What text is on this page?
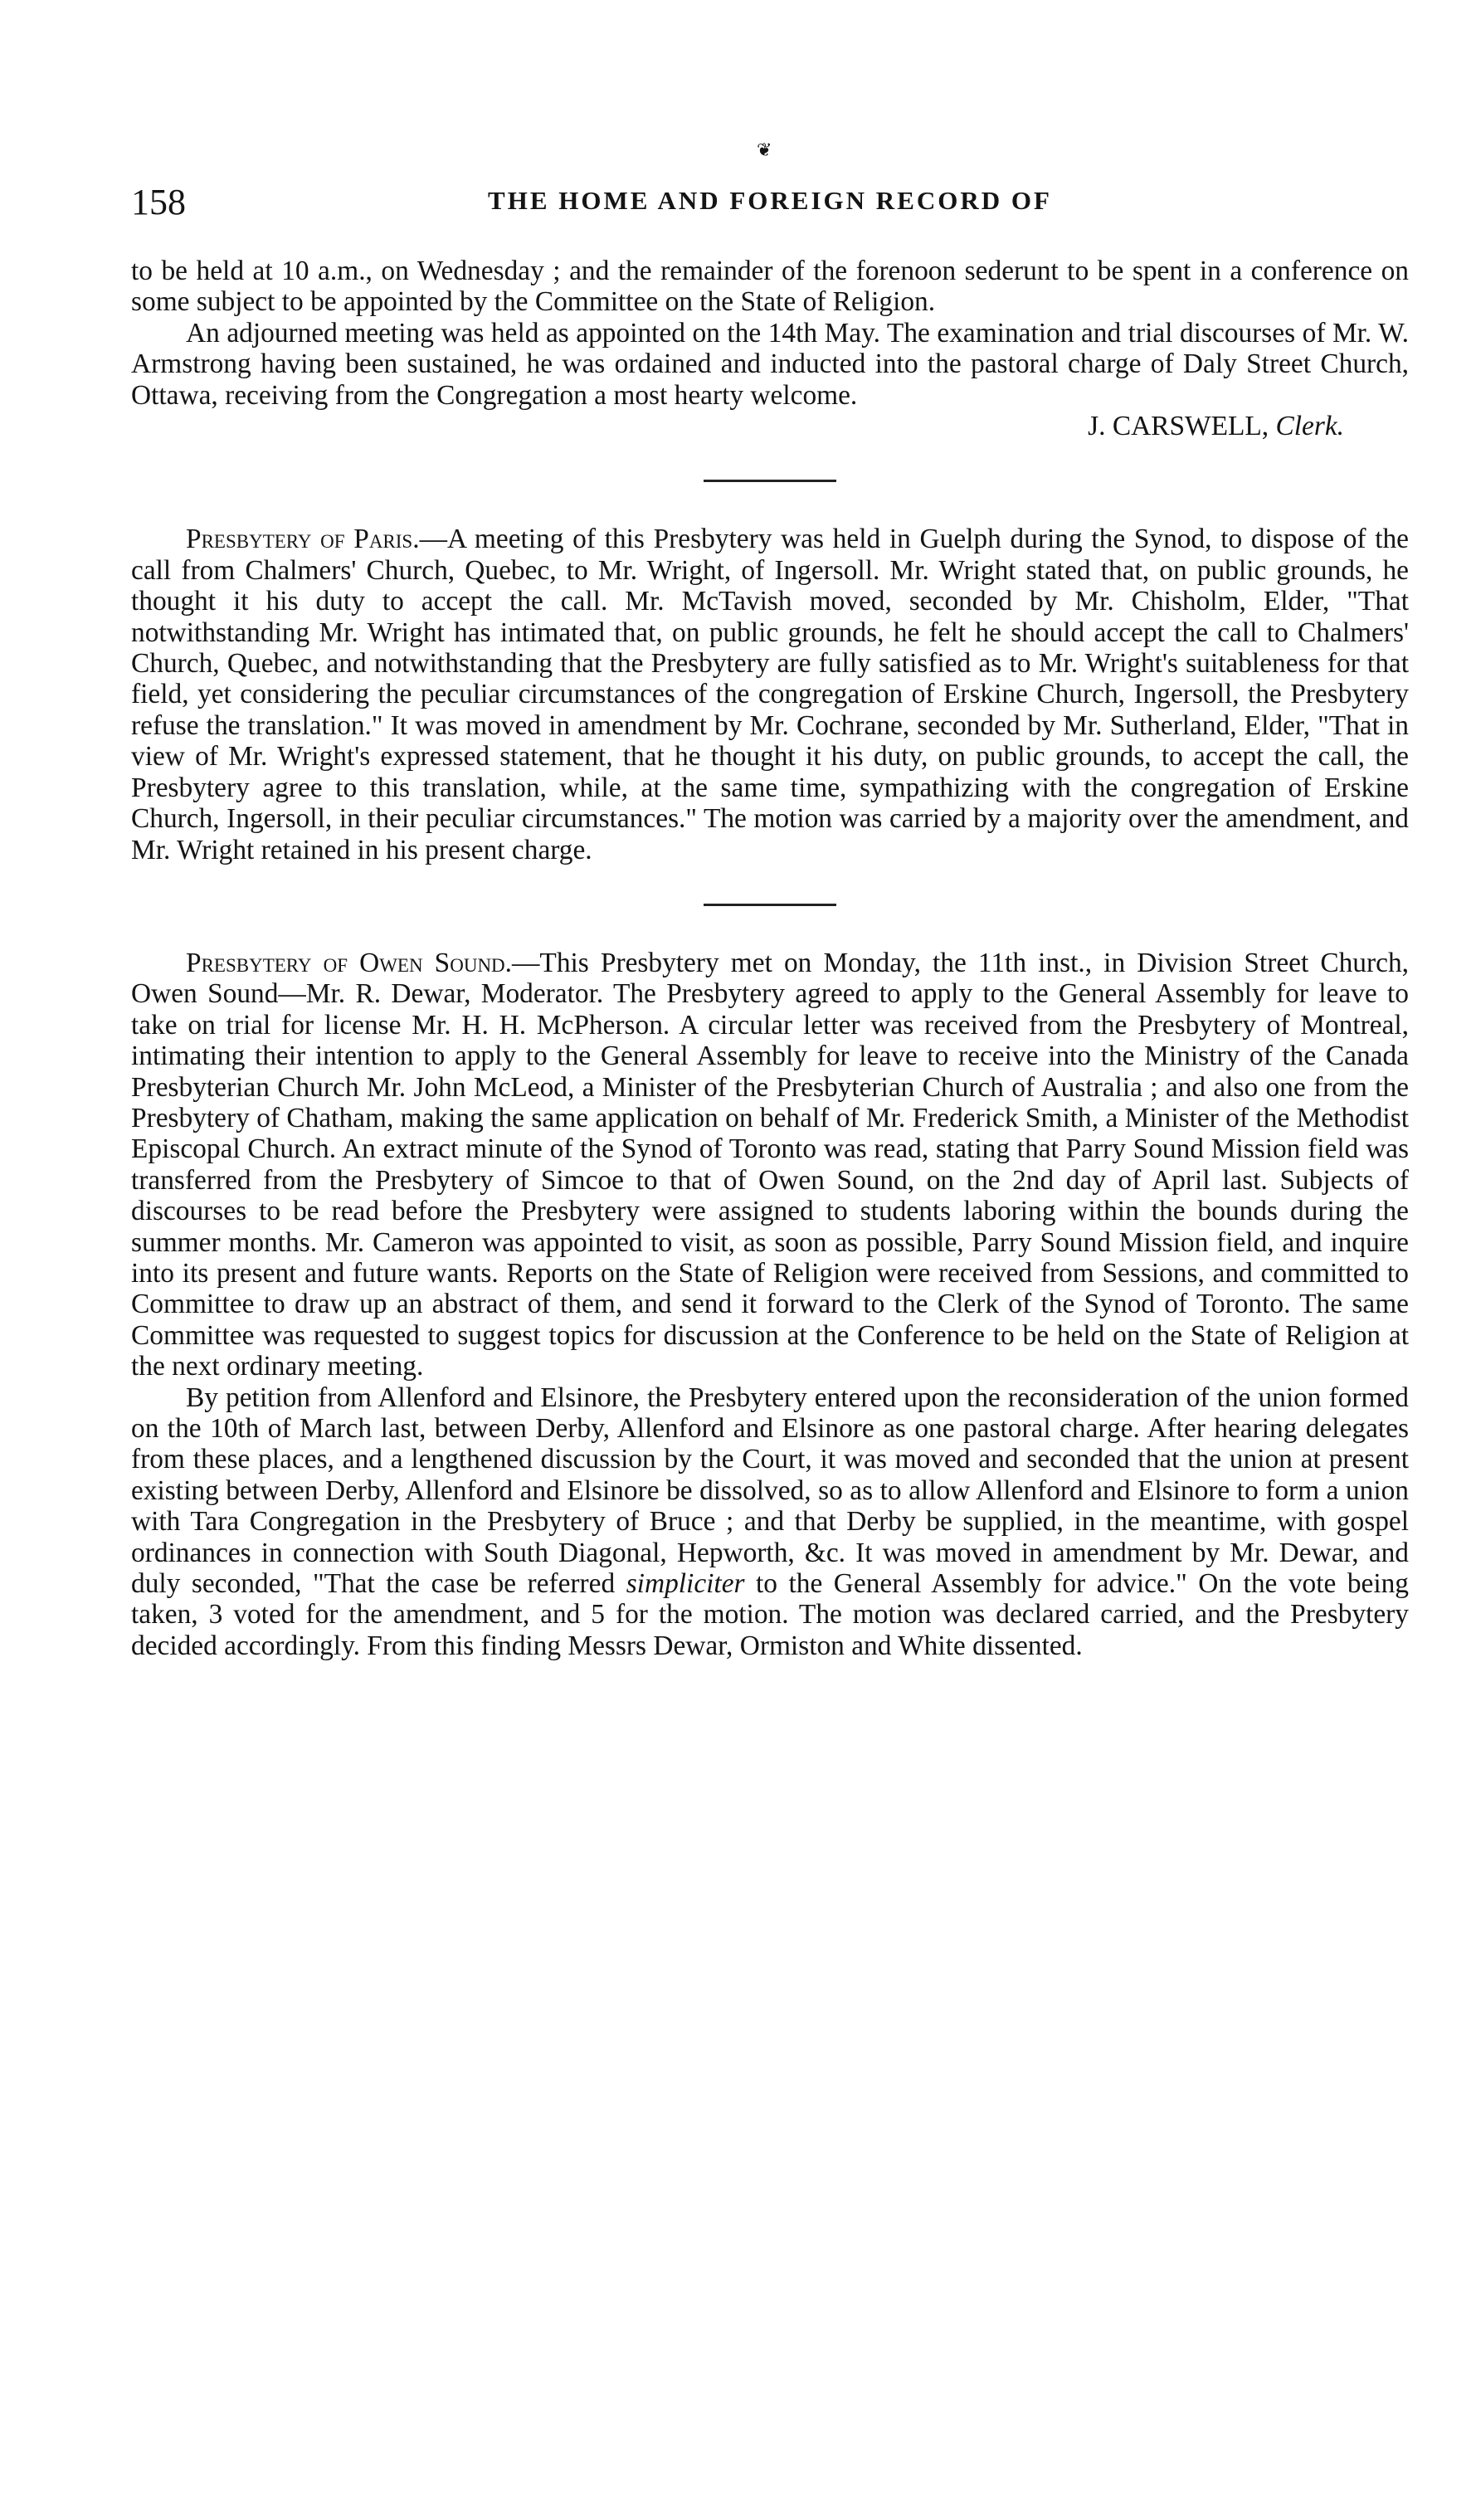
❦
158	THE HOME AND FOREIGN RECORD OF

to be held at 10 a.m., on Wednesday ; and the remainder of the forenoon sederunt to be spent in a conference on some subject to be appointed by the Committee on the State of Religion.

An adjourned meeting was held as appointed on the 14th May. The examination and trial discourses of Mr. W. Armstrong having been sustained, he was ordained and inducted into the pastoral charge of Daly Street Church, Ottawa, receiving from the Congregation a most hearty welcome.

J. CARSWELL, Clerk.

Presbytery of Paris.—A meeting of this Presbytery was held in Guelph during the Synod, to dispose of the call from Chalmers' Church, Quebec, to Mr. Wright, of Ingersoll. Mr. Wright stated that, on public grounds, he thought it his duty to accept the call. Mr. McTavish moved, seconded by Mr. Chisholm, Elder, "That notwithstanding Mr. Wright has intimated that, on public grounds, he felt he should accept the call to Chalmers' Church, Quebec, and notwithstanding that the Presbytery are fully satisfied as to Mr. Wright's suitableness for that field, yet considering the peculiar circumstances of the congregation of Erskine Church, Ingersoll, the Presbytery refuse the translation." It was moved in amendment by Mr. Cochrane, seconded by Mr. Sutherland, Elder, "That in view of Mr. Wright's expressed statement, that he thought it his duty, on public grounds, to accept the call, the Presbytery agree to this translation, while, at the same time, sympathizing with the congregation of Erskine Church, Ingersoll, in their peculiar circumstances." The motion was carried by a majority over the amendment, and Mr. Wright retained in his present charge.

Presbytery of Owen Sound.—This Presbytery met on Monday, the 11th inst., in Division Street Church, Owen Sound—Mr. R. Dewar, Moderator. The Presbytery agreed to apply to the General Assembly for leave to take on trial for license Mr. H. H. McPherson. A circular letter was received from the Presbytery of Montreal, intimating their intention to apply to the General Assembly for leave to receive into the Ministry of the Canada Presbyterian Church Mr. John McLeod, a Minister of the Presbyterian Church of Australia ; and also one from the Presbytery of Chatham, making the same application on behalf of Mr. Frederick Smith, a Minister of the Methodist Episcopal Church. An extract minute of the Synod of Toronto was read, stating that Parry Sound Mission field was transferred from the Presbytery of Simcoe to that of Owen Sound, on the 2nd day of April last. Subjects of discourses to be read before the Presbytery were assigned to students laboring within the bounds during the summer months. Mr. Cameron was appointed to visit, as soon as possible, Parry Sound Mission field, and inquire into its present and future wants. Reports on the State of Religion were received from Sessions, and committed to Committee to draw up an abstract of them, and send it forward to the Clerk of the Synod of Toronto. The same Committee was requested to suggest topics for discussion at the Conference to be held on the State of Religion at the next ordinary meeting.

By petition from Allenford and Elsinore, the Presbytery entered upon the reconsideration of the union formed on the 10th of March last, between Derby, Allenford and Elsinore as one pastoral charge. After hearing delegates from these places, and a lengthened discussion by the Court, it was moved and seconded that the union at present existing between Derby, Allenford and Elsinore be dissolved, so as to allow Allenford and Elsinore to form a union with Tara Congregation in the Presbytery of Bruce ; and that Derby be supplied, in the meantime, with gospel ordinances in connection with South Diagonal, Hepworth, &c. It was moved in amendment by Mr. Dewar, and duly seconded, "That the case be referred simpliciter to the General Assembly for advice." On the vote being taken, 3 voted for the amendment, and 5 for the motion. The motion was declared carried, and the Presbytery decided accordingly. From this finding Messrs Dewar, Ormiston and White dissented.
